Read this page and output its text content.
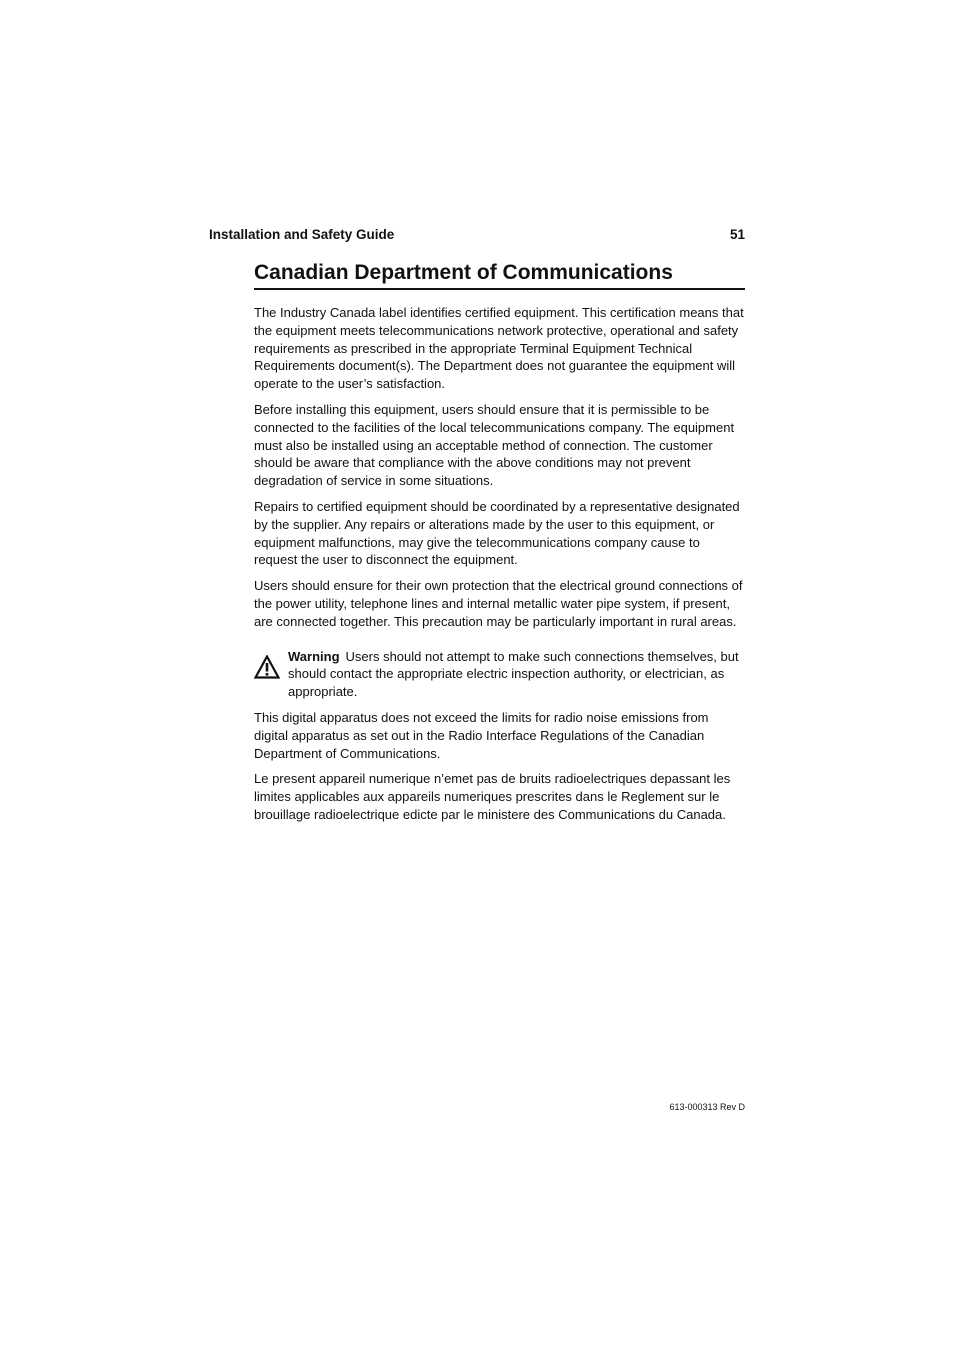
Installation and Safety Guide	51
Canadian Department of Communications

The Industry Canada label identifies certified equipment. This certification means that the equipment meets telecommunications network protective, operational and safety requirements as prescribed in the appropriate Terminal Equipment Technical Requirements document(s). The Department does not guarantee the equipment will operate to the user’s satisfaction.

Before installing this equipment, users should ensure that it is permissible to be connected to the facilities of the local telecommunications company. The equipment must also be installed using an acceptable method of connection. The customer should be aware that compliance with the above conditions may not prevent degradation of service in some situations.

Repairs to certified equipment should be coordinated by a representative designated by the supplier. Any repairs or alterations made by the user to this equipment, or equipment malfunctions, may give the telecommunications company cause to request the user to disconnect the equipment.

Users should ensure for their own protection that the electrical ground connections of the power utility, telephone lines and internal metallic water pipe system, if present, are connected together. This precaution may be particularly important in rural areas.

Warning Users should not attempt to make such connections themselves, but should contact the appropriate electric inspection authority, or electrician, as appropriate.

This digital apparatus does not exceed the limits for radio noise emissions from digital apparatus as set out in the Radio Interface Regulations of the Canadian Department of Communications.

Le present appareil numerique n’emet pas de bruits radioelectriques depassant les limites applicables aux appareils numeriques prescrites dans le Reglement sur le brouillage radioelectrique edicte par le ministere des Communications du Canada.

613-000313 Rev D
